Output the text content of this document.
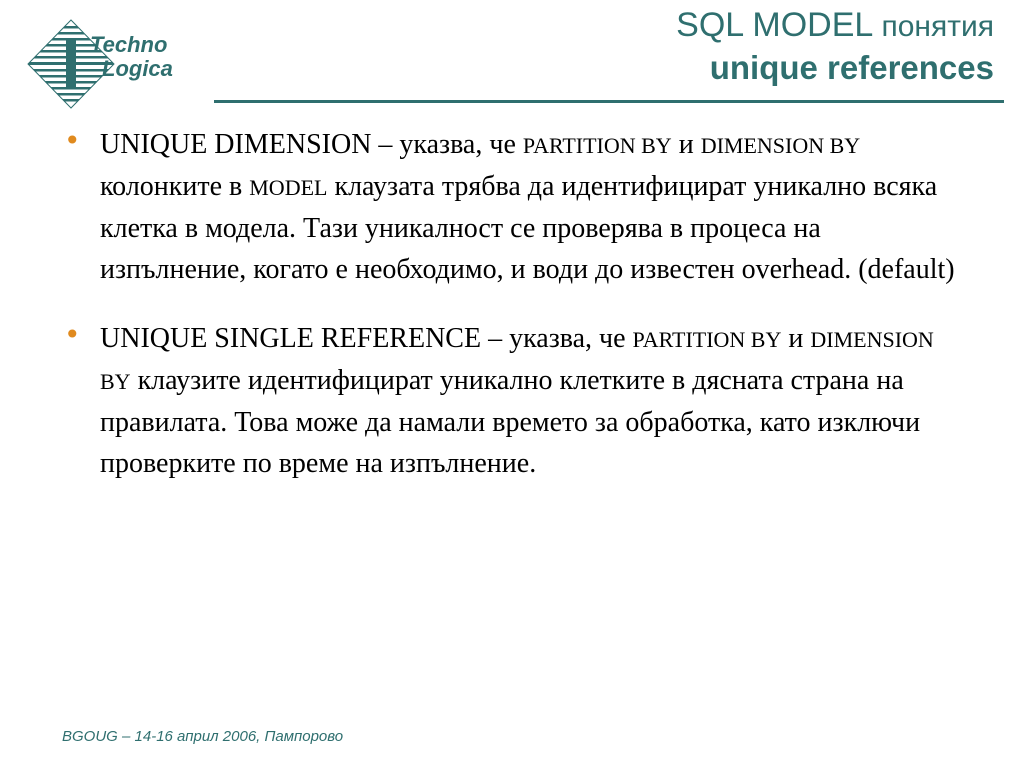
Techno
Logica
SQL MODEL понятия
unique references
• UNIQUE DIMENSION – указва, че PARTITION BY и DIMENSION BY колонките в MODEL клаузата трябва да идентифицират уникално всяка клетка в модела. Тази уникалност се проверява в процеса на изпълнение, когато е необходимо, и води до известен overhead. (default)
• UNIQUE SINGLE REFERENCE – указва, че PARTITION BY и DIMENSION BY клаузите идентифицират уникално клетките в дясната страна на правилата. Това може да намали времето за обработка, като изключи проверките по време на изпълнение.
BGOUG – 14-16 април 2006, Пампорово
